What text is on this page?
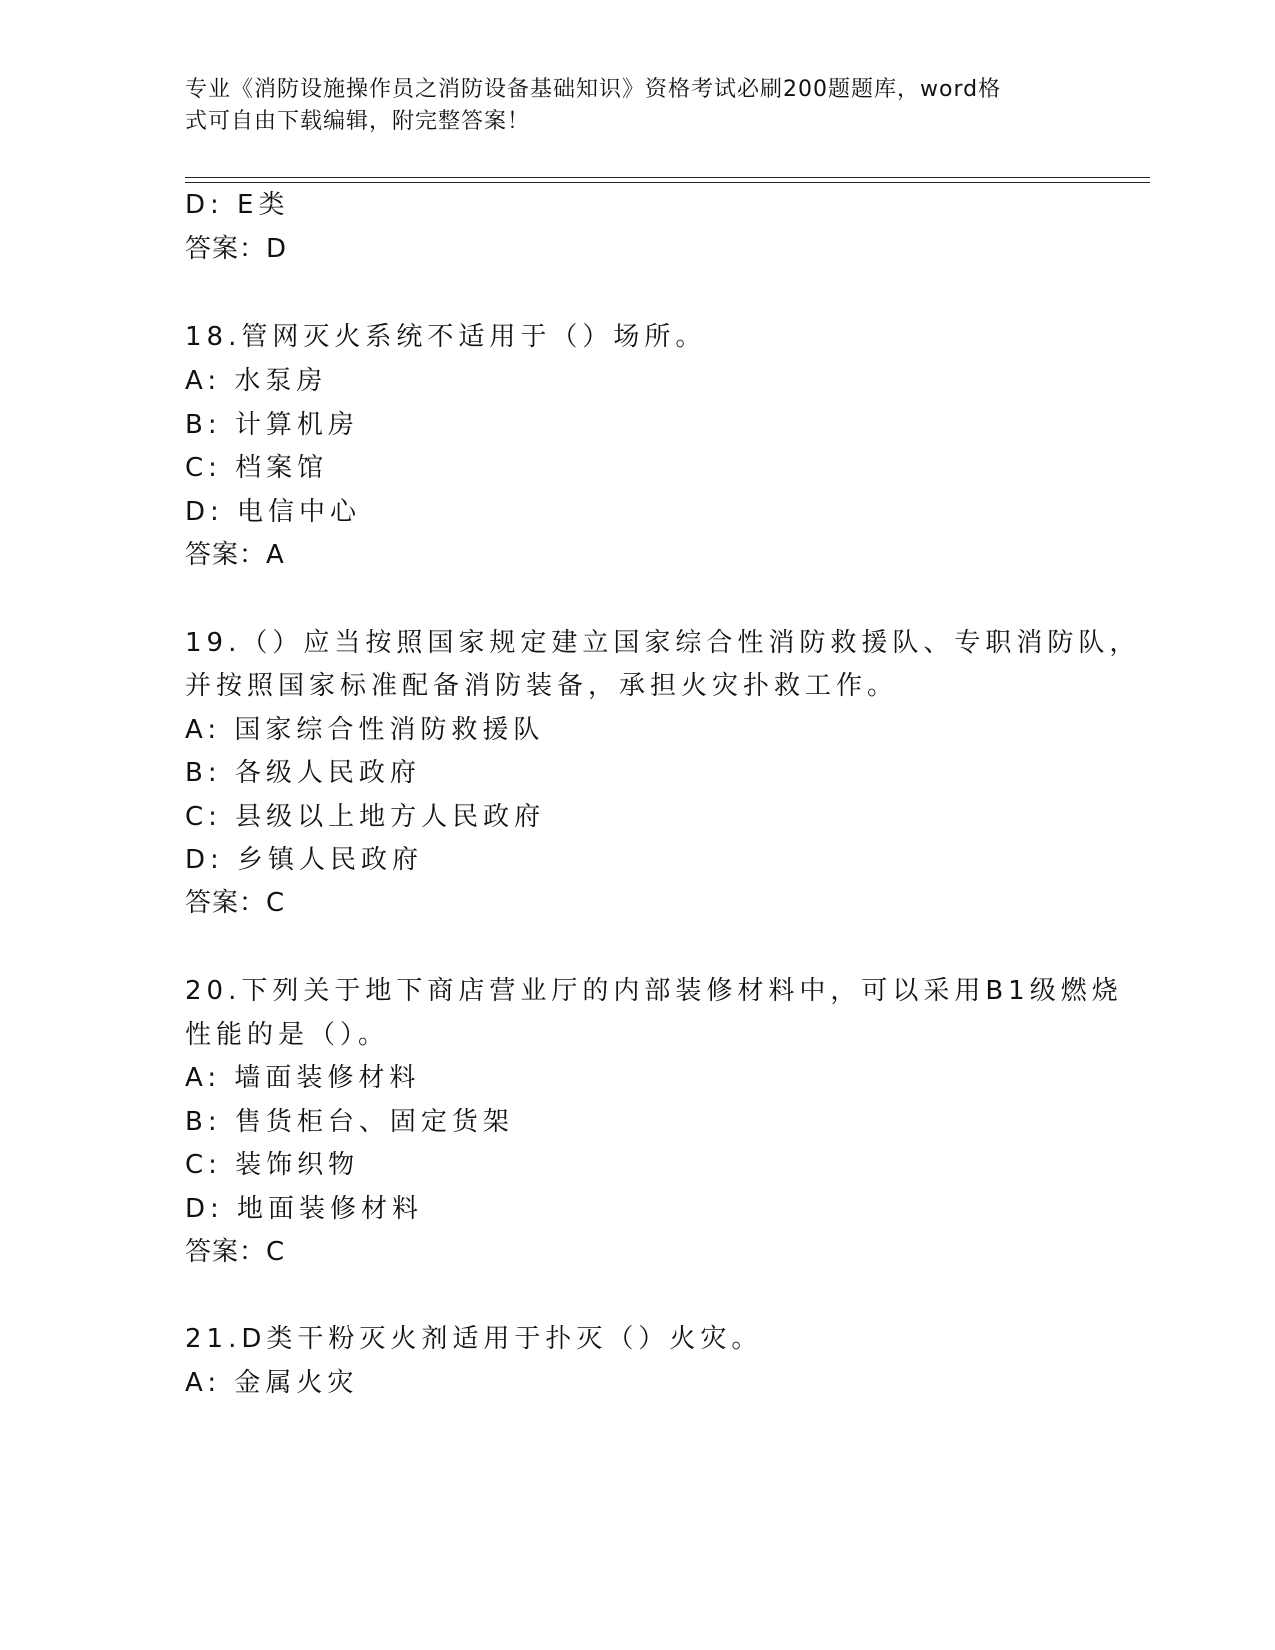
专业《消防设施操作员之消防设备基础知识》资格考试必刷200题题库，word格
式可自由下载编辑，附完整答案！
D: E类
答案：D
18.管网灭火系统不适用于（）场所。
A: 水泵房
B: 计算机房
C: 档案馆
D: 电信中心
答案：A
19.（）应当按照国家规定建立国家综合性消防救援队、专职消防队，
并按照国家标准配备消防装备，承担火灾扑救工作。
A: 国家综合性消防救援队
B: 各级人民政府
C: 县级以上地方人民政府
D: 乡镇人民政府
答案：C
20.下列关于地下商店营业厅的内部装修材料中，可以采用B1级燃烧
性能的是（）。
A: 墙面装修材料
B: 售货柜台、固定货架
C: 装饰织物
D: 地面装修材料
答案：C
21.D类干粉灭火剂适用于扑灭（）火灾。
A: 金属火灾
